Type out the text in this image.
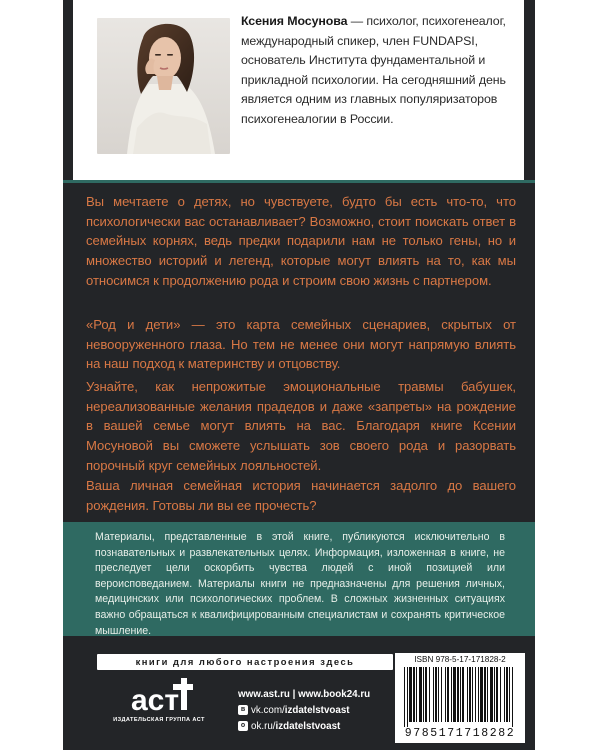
Ксения Мосунова — психолог, психогенеалог, международный спикер, член FUNDAPSI, основатель Института фундаментальной и прикладной психологии. На сегодняшний день является одним из главных популяризаторов психогенеалогии в России.

Вы мечтаете о детях, но чувствуете, будто бы есть что-то, что психологически вас останавливает? Возможно, стоит поискать ответ в семейных корнях, ведь предки подарили нам не только гены, но и множество историй и легенд, которые могут влиять на то, как мы относимся к продолжению рода и строим свою жизнь с партнером.

«Род и дети» — это карта семейных сценариев, скрытых от невооруженного глаза. Но тем не менее они могут напрямую влиять на наш подход к материнству и отцовству.

Узнайте, как непрожитые эмоциональные травмы бабушек, нереализованные желания прадедов и даже «запреты» на рождение в вашей семье могут влиять на вас. Благодаря книге Ксении Мосуновой вы сможете услышать зов своего рода и разорвать порочный круг семейных лояльностей.

Ваша личная семейная история начинается задолго до вашего рождения. Готовы ли вы ее прочесть?

Материалы, представленные в этой книге, публикуются исключительно в познавательных и развлекательных целях. Информация, изложенная в книге, не преследует цели оскорбить чувства людей с иной позицией или вероисповеданием. Материалы книги не предназначены для решения личных, медицинских или психологических проблем. В сложных жизненных ситуациях важно обращаться к квалифицированным специалистам и сохранять критическое мышление.

книги для любого настроения здесь
аст
ИЗДАТЕЛЬСКАЯ ГРУППА АСТ
www.ast.ru | www.book24.ru
в vk.com/ izdatelstvoast
о ok.ru/ izdatelstvoast
ISBN 978-5-17-171828-2
9785171718282
